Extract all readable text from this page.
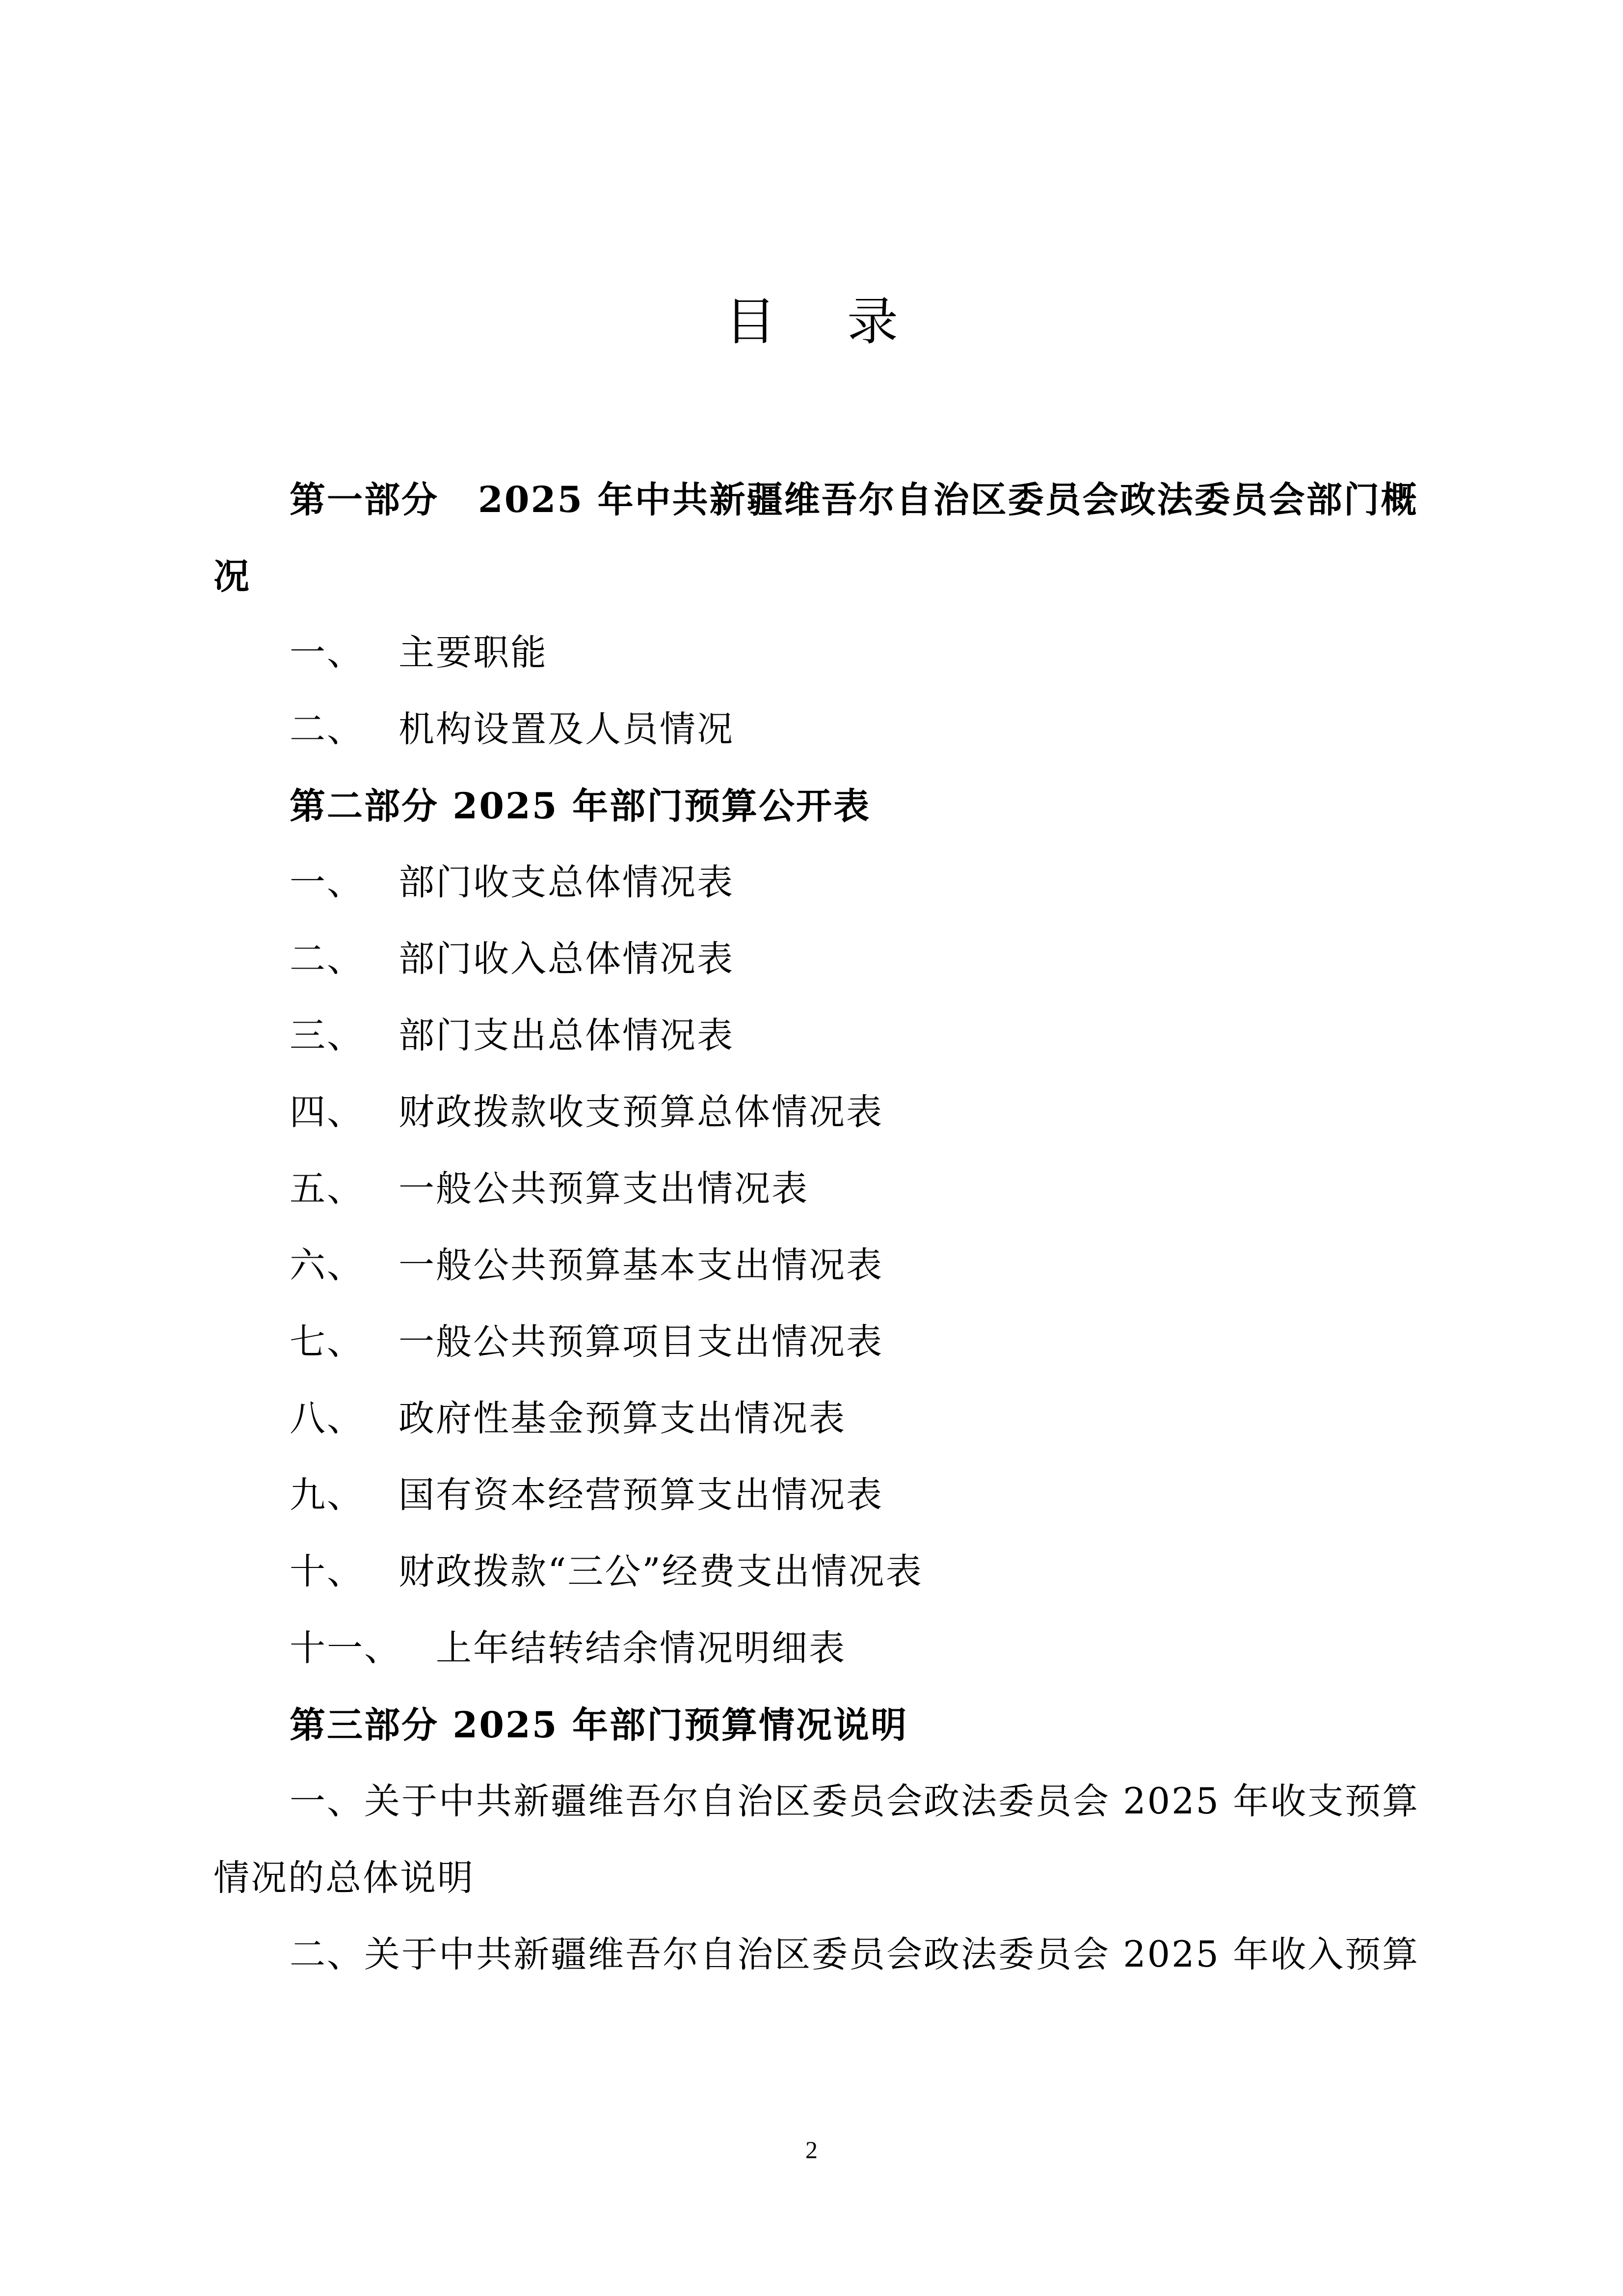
目 录
第一部分 2025 年中共新疆维吾尔自治区委员会政法委员会部门概
况
一、 主要职能
二、 机构设置及人员情况
第二部分 2025 年部门预算公开表
一、 部门收支总体情况表
二、 部门收入总体情况表
三、 部门支出总体情况表
四、 财政拨款收支预算总体情况表
五、 一般公共预算支出情况表
六、 一般公共预算基本支出情况表
七、 一般公共预算项目支出情况表
八、 政府性基金预算支出情况表
九、 国有资本经营预算支出情况表
十、 财政拨款“三公”经费支出情况表
十一、 上年结转结余情况明细表
第三部分 2025 年部门预算情况说明
一、关于中共新疆维吾尔自治区委员会政法委员会 2025 年收支预算
情况的总体说明
二、关于中共新疆维吾尔自治区委员会政法委员会 2025 年收入预算
2
